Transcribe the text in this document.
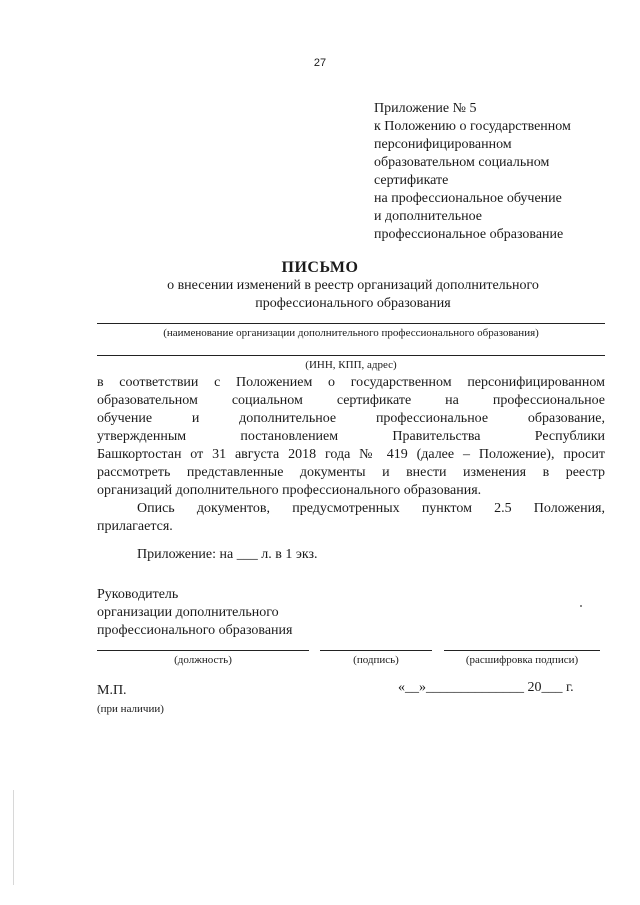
27
Приложение № 5
к Положению о государственном
персонифицированном
образовательном социальном
сертификате
на профессиональное обучение
и дополнительное
профессиональное образование
ПИСЬМО
о внесении изменений в реестр организаций дополнительного
профессионального образования
(наименование организации дополнительного профессионального образования)
(ИНН, КПП, адрес)
в соответствии с Положением о государственном персонифицированном
образовательном социальном сертификате на профессиональное
обучение и дополнительное профессиональное образование,
утвержденным постановлением Правительства Республики
Башкортостан от 31 августа 2018 года № 419 (далее – Положение), просит
рассмотреть представленные документы и внести изменения в реестр
организаций дополнительного профессионального образования.
Опись документов, предусмотренных пунктом 2.5 Положения,
прилагается.
Приложение: на ___ л. в 1 экз.
Руководитель
организации дополнительного
профессионального образования
(должность)	(подпись)	(расшифровка подписи)
М.П.
(при наличии)
«__»______________ 20___ г.
